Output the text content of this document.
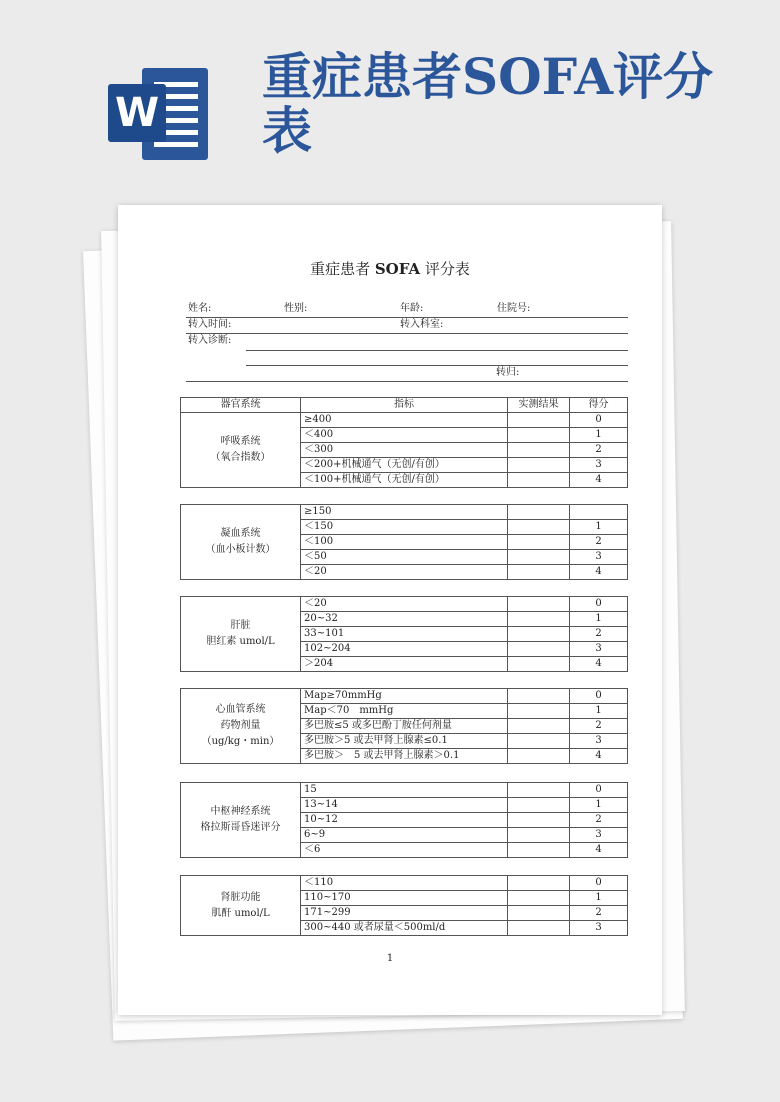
W
重症患者SOFA评分表
重症患者 SOFA 评分表
姓名:	性别:	年龄:	住院号:
转入时间:	转入科室:
转入诊断:
转归:
器官系统	指标	实测结果	得分

呼吸系统
（氧合指数）	≥400		0
	＜400		1
	＜300		2
	＜200+机械通气（无创/有创）		3
	＜100+机械通气（无创/有创）		4
凝血系统
（血小板计数）	≥150		
	＜150		1
	＜100		2
	＜50		3
	＜20		4
肝脏
胆红素 umol/L	＜20		0
	20~32		1
	33~101		2
	102~204		3
	＞204		4
心血管系统
药物剂量
（ug/kg・min）	Map≥70mmHg		0
	Map＜70　mmHg		1
	多巴胺≤5 或多巴酚丁胺任何剂量		2
	多巴胺＞5 或去甲肾上腺素≤0.1		3
	多巴胺＞　5 或去甲肾上腺素＞0.1		4
中枢神经系统
格拉斯哥昏迷评分	15		0
	13~14		1
	10~12		2
	6~9		3
	＜6		4
肾脏功能
肌酐 umol/L	＜110		0
	110~170		1
	171~299		2
	300~440 或者尿量＜500ml/d		3
1
